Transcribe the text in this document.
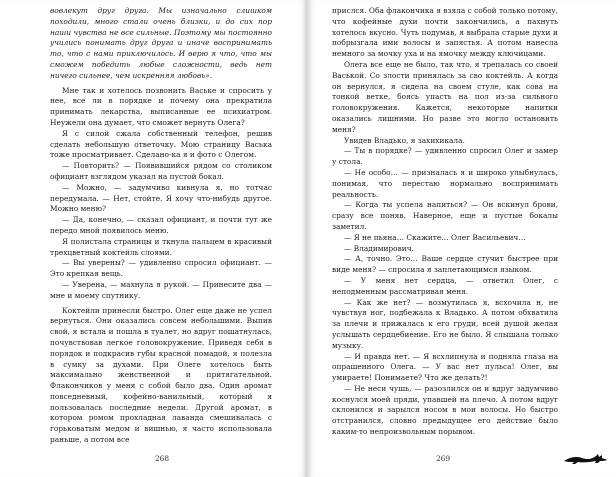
вовлекут друг друга. Мы изначально слишком походили, много стали очень близки, и до сих пор наши чувства не все сильные. Поэтому мы постоянно учились понимать друг друга и иначе воспринимать то, что с нами приключилось. И верю я что, что мы сможем победить любые сложности, ведь нет ничего сильнее, чем искренняя любовь».

Мне так и хотелось позвонить Ваське и спросить у нее, все ли в порядке и почему она прекратила принимать лекарства, выписанные ее психиатром. Неужели она думает, что сможет вернуть Олега?

Я с силой сжала собственный телефон, решив сделать небольшую ответочку. Мою страницу Васька тоже просматривает. Сделано-ка я и фото с Олегом.

— Повторить? — Появившийся рядом со столиком официант взглядом указал на пустой бокал.

— Можно, — задумчиво кивнула я, но тотчас передумала. — Нет, стойте. Я хочу что-нибудь другое. Можно меню?

— Да, конечно, — сказал официант, и почти тут же передо мной появилось меню.

Я полистала страницы и ткнула пальцем в красивый трехцветный коктейль слоями.

— Вы уверены? — удивленно спросил официант. — Это крепкая вещь.

— Уверена, — махнула я рукой. — Принесите два — мне и моему спутнику.

Коктейли принесли быстро. Олег еще даже не успел вернуться. Они оказались совсем небольшими. Выпив свой, я встала и пошла в туалет, но вдруг пошатнулась, почувствовав легкое головокружение. Приведя себя в порядок и подкрасив губы красной помадой, я полезла в сумку за духами. При Олеге хотелось быть максимально женственной и притягательной. Флакончиков у меня с собой было два. Один аромат повседневный, кофейно-ванильный, который я пользовалась последние недели. Другой аромат, в котором ромом прохладная лаванда смешивалась с горьковатым медом и вишнью, я часто использовала раньше, а потом все

268

прислся. Оба флакончика я взяла с собой только потому, что кофейные духи почти закончились, а пахнуть хотелось вкусно. Чуть подумав, я выбрала старые духи и побрызгала ими волосы и запястья. А потом нанесла немного за мочку уха и на ямочку между ключицами.

Олега все еще не было, так что, я трепалась со своей Васькой. Со злости принялась за сво коктейль. А когда он вернулся, я сидела на своем стуле, как сова на тонкой ветке, боясь упасть на пол из-за сильного головокружения. Кажется, некоторые напитки оказались лишними. Но разве это могло остановить меня?

Увидев Владько, я захихикала.

— Ты в порядке? — удивленно спросил Олег и замер у стола.

— Не особо… — призналась я и широко улыбнулась, понимая, что перестаю нормально воспринимать реальность.

— Когда ты успела напиться? — Он вскинул брови, сразу все поняв. Наверное, еще и пустые бокалы заметил.

— Я не пьяна… Скажите… Олег Васильевич…

— Владимирович.

— А, точно. Это… Ваше сердце стучит быстрее при виде меня? — спросила я заплетающимся языком.

— У меня нет сердца, — ответил Олег, с неподменным рассматривая меня.

— Как же нет? — возмутилась я, всхочила н, не чувствуя ног, подбежала к Владько. А потом обхватила за плечи и прижалась к его груди, всей душой желая услышать сердцебиение. Его не было. Я слышала только музыку.

— И правда нет. — Я всхлипнула и подняла глаза на опрашенного Олега. — У вас нет пульса! Олег, вы умираете! Понимаете? Что же делать?!

— Не неси чушь, — разозлился он и вдруг задумчиво коснулся моей пряди, упавшей на плечо. А потом вдруг склонился и зарылся носом в мои волосы. Но быстро отстранился, словно предыдущее его действие было каким-то непроизвольным порывом.

269
